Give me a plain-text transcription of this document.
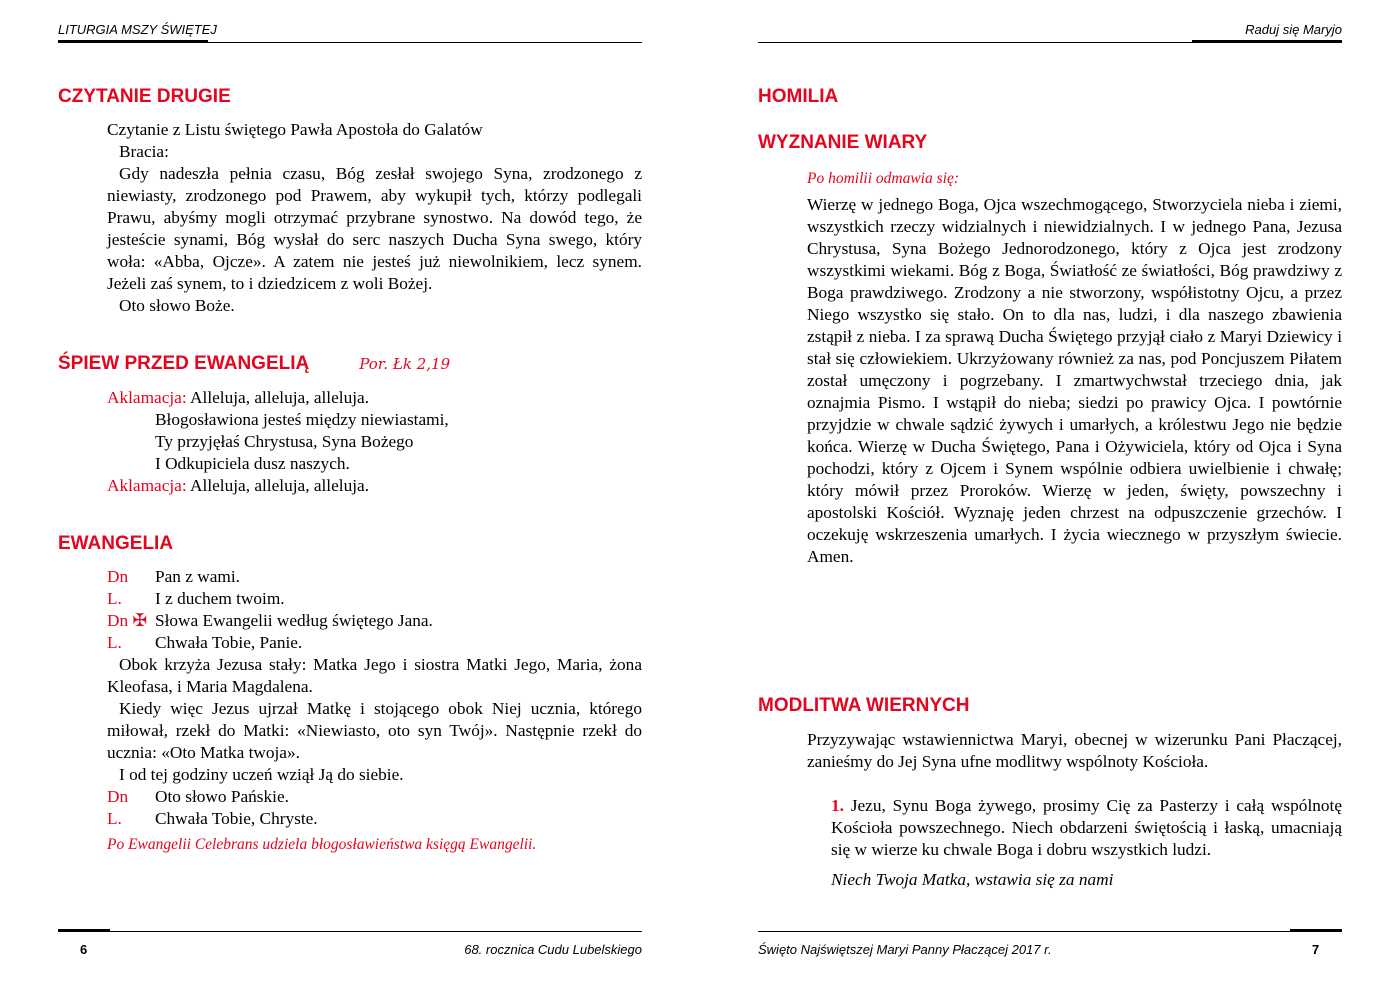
LITURGIA MSZY ŚWIĘTEJ
CZYTANIE DRUGIE

Czytanie z Listu świętego Pawła Apostoła do Galatów

Bracia:

Gdy nadeszła pełnia czasu, Bóg zesłał swojego Syna, zrodzonego z niewiasty, zrodzonego pod Prawem, aby wykupił tych, którzy podlegali Prawu, abyśmy mogli otrzymać przybrane synostwo. Na dowód tego, że jesteście synami, Bóg wysłał do serc naszych Ducha Syna swego, który woła: «Abba, Ojcze». A zatem nie jesteś już niewolnikiem, lecz synem. Jeżeli zaś synem, to i dziedzicem z woli Bożej.

Oto słowo Boże.

ŚPIEW PRZED EWANGELIĄ	Por. Łk 2,19
Aklamacja: Alleluja, alleluja, alleluja.
Błogosławiona jesteś między niewiastami,
Ty przyjęłaś Chrystusa, Syna Bożego
I Odkupiciela dusz naszych.
Aklamacja: Alleluja, alleluja, alleluja.
EWANGELIA
Dn	Pan z wami.
L.	I z duchem twoim.
Dn ✠ Słowa Ewangelii według świętego Jana.
L.	Chwała Tobie, Panie.

Obok krzyża Jezusa stały: Matka Jego i siostra Matki Jego, Maria, żona Kleofasa, i Maria Magdalena.

Kiedy więc Jezus ujrzał Matkę i stojącego obok Niej ucznia, którego miłował, rzekł do Matki: «Niewiasto, oto syn Twój». Następnie rzekł do ucznia: «Oto Matka twoja».

I od tej godziny uczeń wziął Ją do siebie.

Dn	Oto słowo Pańskie.
L.	Chwała Tobie, Chryste.
Po Ewangelii Celebrans udziela błogosławieństwa księgą Ewangelii.
6	68. rocznica Cudu Lubelskiego
Raduj się Maryjo
HOMILIA
WYZNANIE WIARY
Po homilii odmawia się:

Wierzę w jednego Boga, Ojca wszechmogącego, Stworzyciela nieba i ziemi, wszystkich rzeczy widzialnych i niewidzialnych. I w jednego Pana, Jezusa Chrystusa, Syna Bożego Jednorodzonego, który z Ojca jest zrodzony wszystkimi wiekami. Bóg z Boga, Światłość ze światłości, Bóg prawdziwy z Boga prawdziwego. Zrodzony a nie stworzony, współistotny Ojcu, a przez Niego wszystko się stało. On to dla nas, ludzi, i dla naszego zbawienia zstąpił z nieba. I za sprawą Ducha Świętego przyjął ciało z Maryi Dziewicy i stał się człowiekiem. Ukrzyżowany również za nas, pod Poncjuszem Piłatem został umęczony i pogrzebany. I zmartwychwstał trzeciego dnia, jak oznajmia Pismo. I wstąpił do nieba; siedzi po prawicy Ojca. I powtórnie przyjdzie w chwale sądzić żywych i umarłych, a królestwu Jego nie będzie końca. Wierzę w Ducha Świętego, Pana i Ożywiciela, który od Ojca i Syna pochodzi, który z Ojcem i Synem wspólnie odbiera uwielbienie i chwałę; który mówił przez Proroków. Wierzę w jeden, święty, powszechny i apostolski Kościół. Wyznaję jeden chrzest na odpuszczenie grzechów. I oczekuję wskrzeszenia umarłych. I życia wiecznego w przyszłym świecie. Amen.

MODLITWA WIERNYCH

Przyzywając wstawiennictwa Maryi, obecnej w wizerunku Pani Płaczącej, zanieśmy do Jej Syna ufne modlitwy wspólnoty Kościoła.

1. Jezu, Synu Boga żywego, prosimy Cię za Pasterzy i całą wspólnotę Kościoła powszechnego. Niech obdarzeni świętością i łaską, umacniają się w wierze ku chwale Boga i dobru wszystkich ludzi.

Niech Twoja Matka, wstawia się za nami
Święto Najświętszej Maryi Panny Płaczącej 2017 r.	7
